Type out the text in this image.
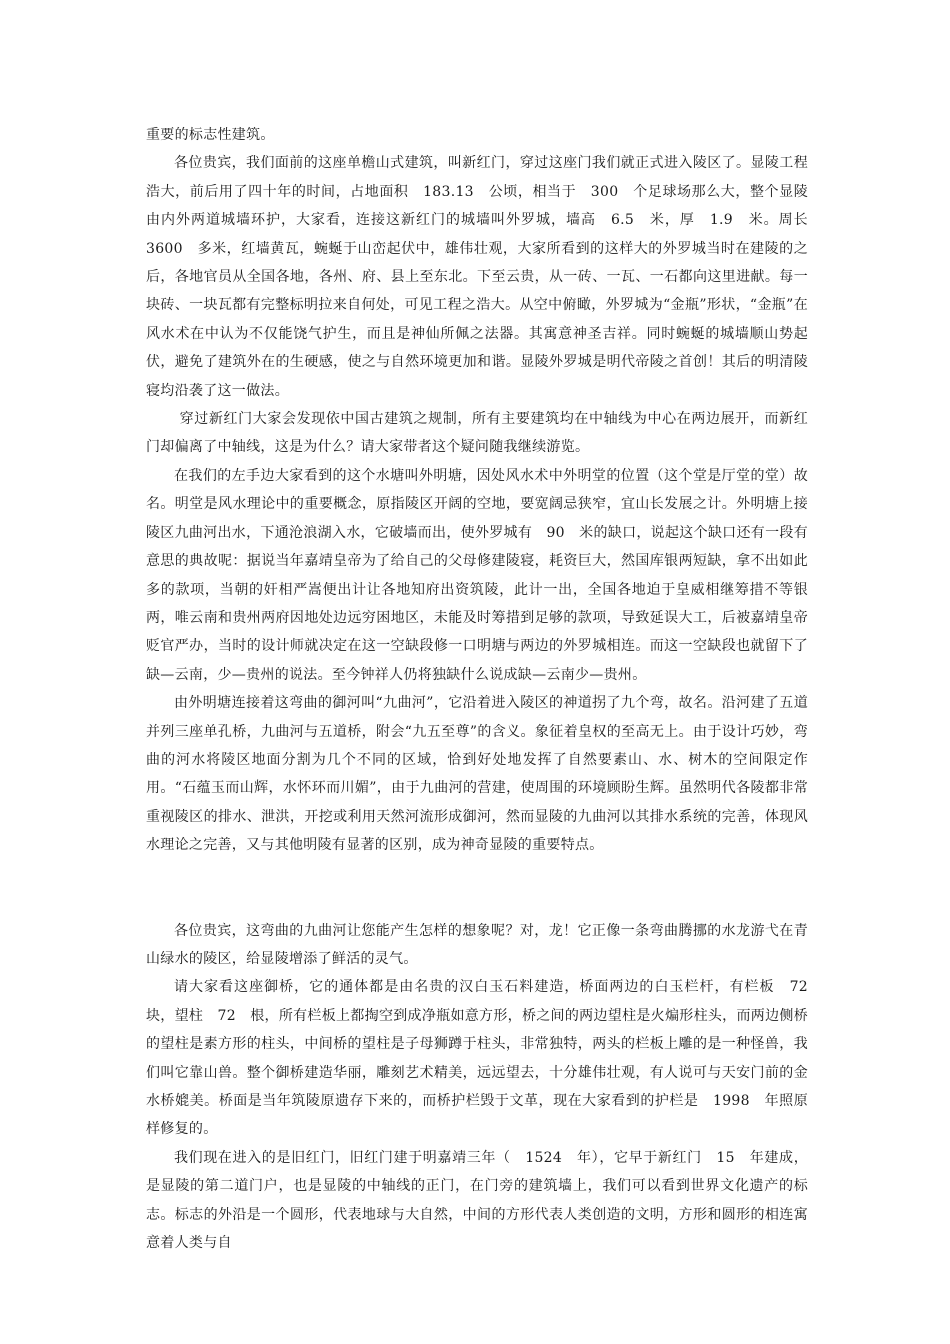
重要的标志性建筑。

各位贵宾，我们面前的这座单檐山式建筑，叫新红门，穿过这座门我们就正式进入陵区了。显陵工程浩大，前后用了四十年的时间，占地面积　183.13　公顷，相当于　300　个足球场那么大，整个显陵由内外两道城墙环护，大家看，连接这新红门的城墙叫外罗城，墙高　6.5　米，厚　1.9　米。周长　3600　多米，红墙黄瓦，蜿蜒于山峦起伏中，雄伟壮观，大家所看到的这样大的外罗城当时在建陵的之后，各地官员从全国各地，各州、府、县上至东北。下至云贵，从一砖、一瓦、一石都向这里进献。每一块砖、一块瓦都有完整标明拉来自何处，可见工程之浩大。从空中俯瞰，外罗城为“金瓶”形状，“金瓶”在风水术在中认为不仅能饶气护生，而且是神仙所佩之法器。其寓意神圣吉祥。同时蜿蜒的城墙顺山势起伏，避免了建筑外在的生硬感，使之与自然环境更加和谐。显陵外罗城是明代帝陵之首创！其后的明清陵寝均沿袭了这一做法。

穿过新红门大家会发现依中国古建筑之规制，所有主要建筑均在中轴线为中心在两边展开，而新红门却偏离了中轴线，这是为什么？请大家带者这个疑问随我继续游览。

在我们的左手边大家看到的这个水塘叫外明塘，因处风水术中外明堂的位置（这个堂是厅堂的堂）故名。明堂是风水理论中的重要概念，原指陵区开阔的空地，要宽阔忌狭窄，宜山长发展之计。外明塘上接陵区九曲河出水，下通沧浪湖入水，它破墙而出，使外罗城有　90　米的缺口，说起这个缺口还有一段有意思的典故呢：据说当年嘉靖皇帝为了给自己的父母修建陵寝，耗资巨大，然国库银两短缺，拿不出如此多的款项，当朝的奸相严嵩便出计让各地知府出资筑陵，此计一出，全国各地迫于皇威相继筹措不等银两，唯云南和贵州两府因地处边远穷困地区，未能及时筹措到足够的款项，导致延误大工，后被嘉靖皇帝贬官严办，当时的设计师就决定在这一空缺段修一口明塘与两边的外罗城相连。而这一空缺段也就留下了缺—云南，少—贵州的说法。至今钟祥人仍将独缺什么说成缺—云南少—贵州。

由外明塘连接着这弯曲的御河叫“九曲河”，它沿着进入陵区的神道拐了九个弯，故名。沿河建了五道并列三座单孔桥，九曲河与五道桥，附会“九五至尊”的含义。象征着皇权的至高无上。由于设计巧妙，弯曲的河水将陵区地面分割为几个不同的区域，恰到好处地发挥了自然要素山、水、树木的空间限定作用。“石蕴玉而山辉，水怀环而川媚”，由于九曲河的营建，使周围的环境顾盼生辉。虽然明代各陵都非常重视陵区的排水、泄洪，开挖或利用天然河流形成御河，然而显陵的九曲河以其排水系统的完善，体现风水理论之完善，又与其他明陵有显著的区别，成为神奇显陵的重要特点。

各位贵宾，这弯曲的九曲河让您能产生怎样的想象呢？对，龙！它正像一条弯曲腾挪的水龙游弋在青山绿水的陵区，给显陵增添了鲜活的灵气。

请大家看这座御桥，它的通体都是由名贵的汉白玉石料建造，桥面两边的白玉栏杆，有栏板　72　块，望柱　72　根，所有栏板上都掏空到成净瓶如意方形，桥之间的两边望柱是火煸形柱头，而两边侧桥的望柱是素方形的柱头，中间桥的望柱是子母狮蹲于柱头，非常独特，两头的栏板上雕的是一种怪兽，我们叫它靠山兽。整个御桥建造华丽，雕刻艺术精美，远远望去，十分雄伟壮观，有人说可与天安门前的金水桥媲美。桥面是当年筑陵原遗存下来的，而桥护栏毁于文革，现在大家看到的护栏是　1998　年照原样修复的。

我们现在进入的是旧红门，旧红门建于明嘉靖三年（　1524　年），它早于新红门　15　年建成，是显陵的第二道门户，也是显陵的中轴线的正门，在门旁的建筑墙上，我们可以看到世界文化遗产的标志。标志的外沿是一个圆形，代表地球与大自然，中间的方形代表人类创造的文明，方形和圆形的相连寓意着人类与自
